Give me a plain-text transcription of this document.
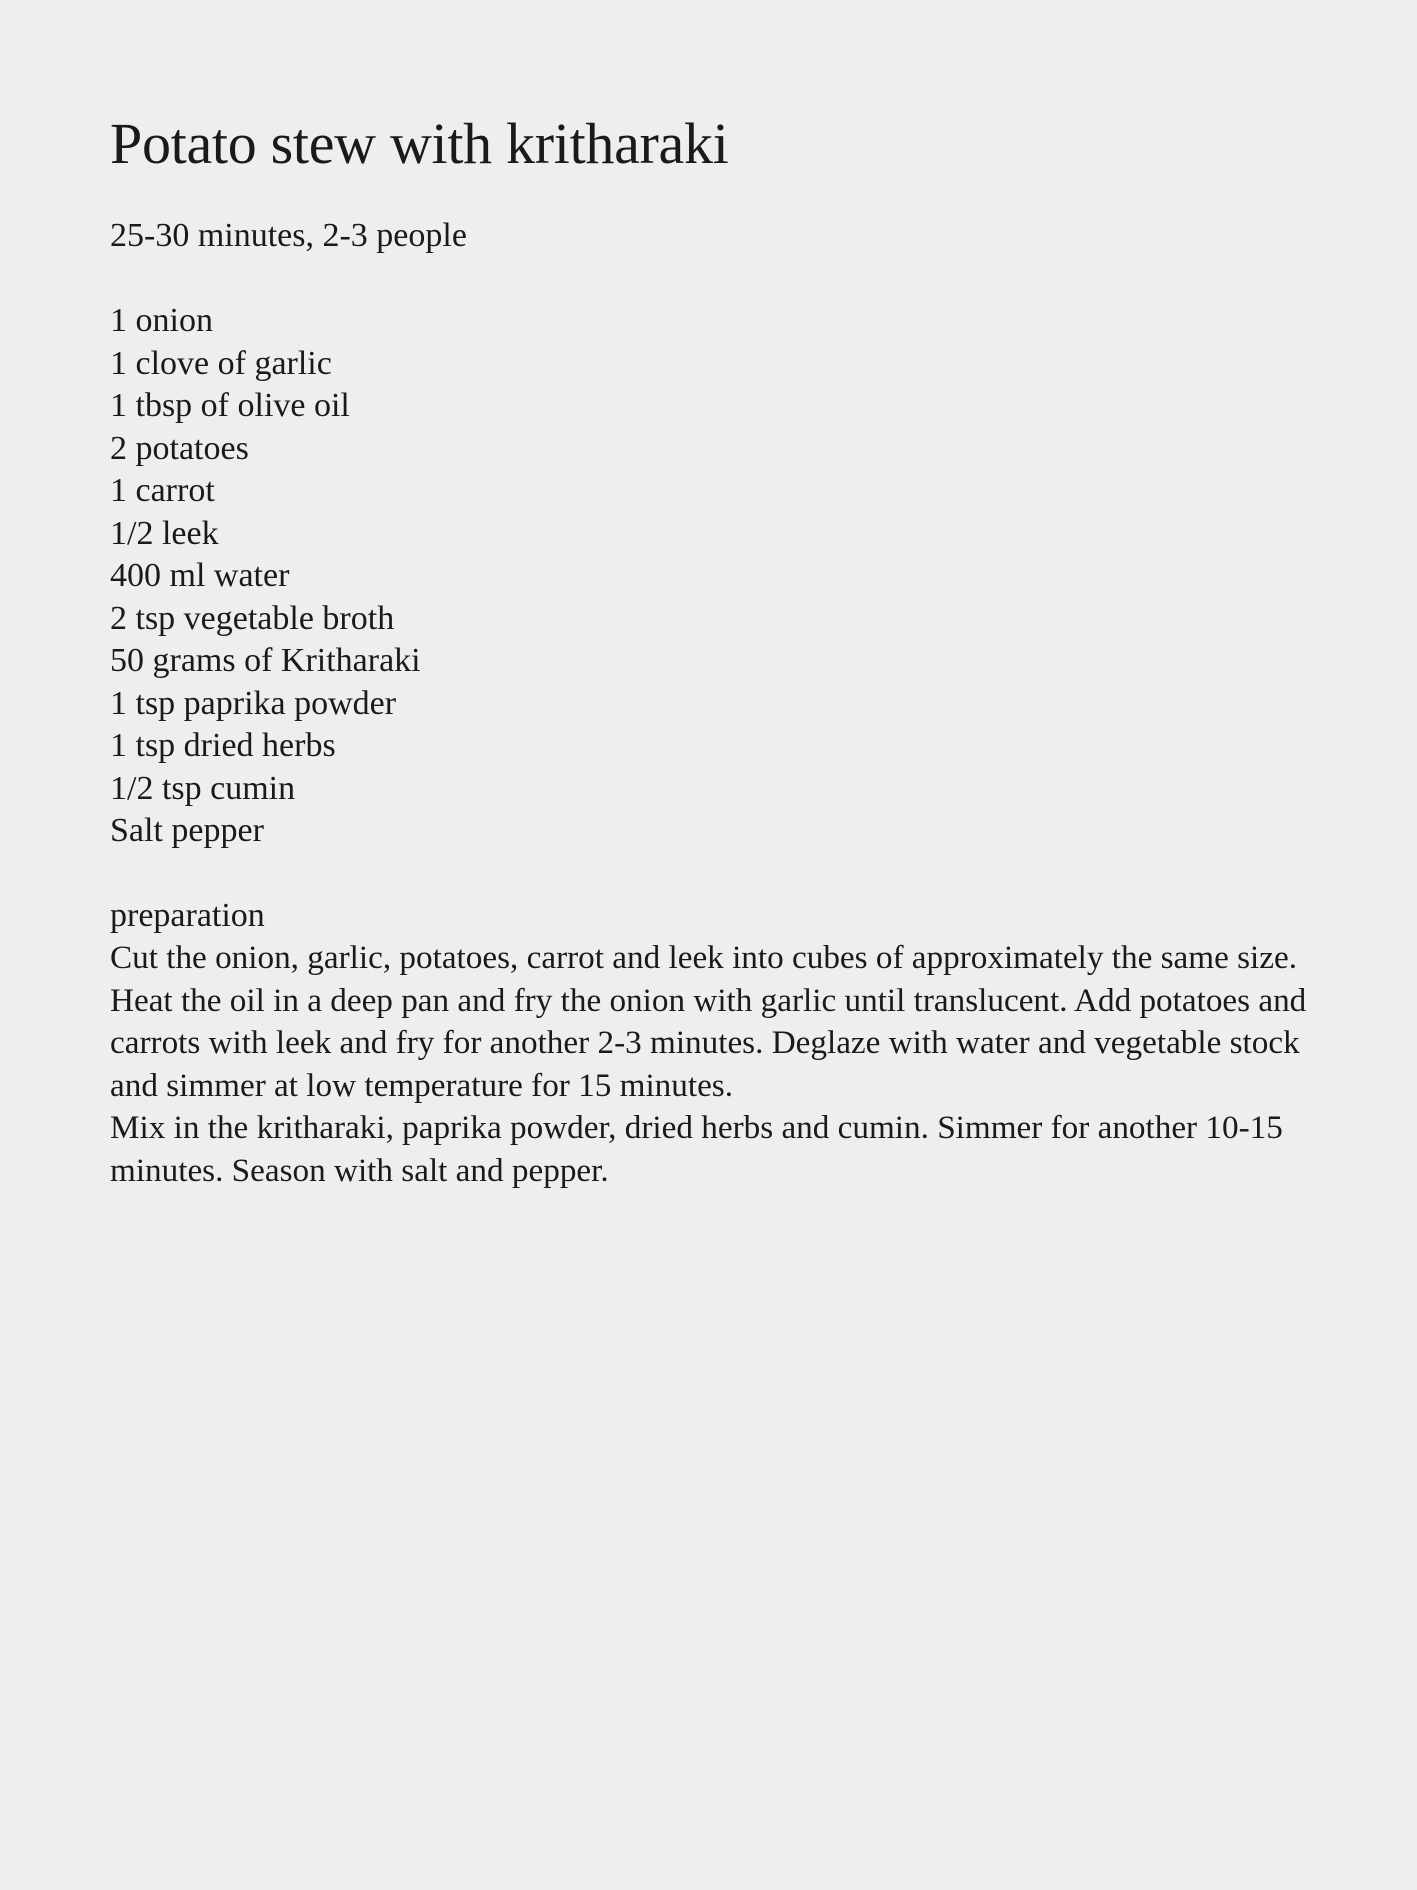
Potato stew with kritharaki

25-30 minutes, 2-3 people

1 onion
1 clove of garlic
1 tbsp of olive oil
2 potatoes
1 carrot
1/2 leek
400 ml water
2 tsp vegetable broth
50 grams of Kritharaki
1 tsp paprika powder
1 tsp dried herbs
1/2 tsp cumin
Salt pepper
preparation

Cut the onion, garlic, potatoes, carrot and leek into cubes of approximately the same size. Heat the oil in a deep pan and fry the onion with garlic until translucent. Add potatoes and carrots with leek and fry for another 2-3 minutes. Deglaze with water and vegetable stock and simmer at low temperature for 15 minutes.

Mix in the kritharaki, paprika powder, dried herbs and cumin. Simmer for another 10-15 minutes. Season with salt and pepper.
